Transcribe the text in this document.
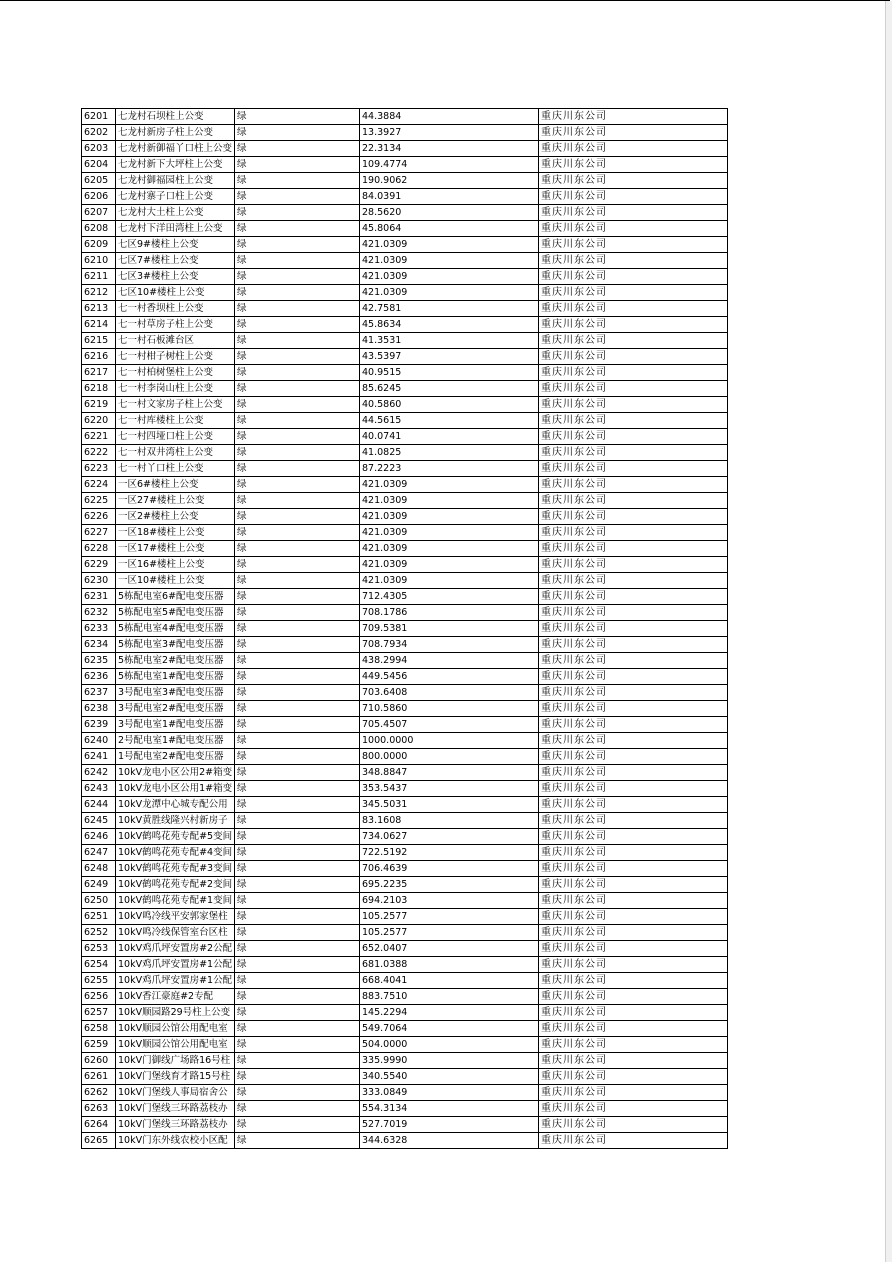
6201	七龙村石坝柱上公变	绿	44.3884	重庆川东公司
6202	七龙村新房子柱上公变	绿	13.3927	重庆川东公司
6203	七龙村新御福丫口柱上公变	绿	22.3134	重庆川东公司
6204	七龙村新下大坪柱上公变	绿	109.4774	重庆川东公司
6205	七龙村御福园柱上公变	绿	190.9062	重庆川东公司
6206	七龙村寨子口柱上公变	绿	84.0391	重庆川东公司
6207	七龙村大土柱上公变	绿	28.5620	重庆川东公司
6208	七龙村下洋田湾柱上公变	绿	45.8064	重庆川东公司
6209	七区9#楼柱上公变	绿	421.0309	重庆川东公司
6210	七区7#楼柱上公变	绿	421.0309	重庆川东公司
6211	七区3#楼柱上公变	绿	421.0309	重庆川东公司
6212	七区10#楼柱上公变	绿	421.0309	重庆川东公司
6213	七一村香坝柱上公变	绿	42.7581	重庆川东公司
6214	七一村草房子柱上公变	绿	45.8634	重庆川东公司
6215	七一村石板滩台区	绿	41.3531	重庆川东公司
6216	七一村柑子树柱上公变	绿	43.5397	重庆川东公司
6217	七一村柏树堡柱上公变	绿	40.9515	重庆川东公司
6218	七一村李岗山柱上公变	绿	85.6245	重庆川东公司
6219	七一村文家房子柱上公变	绿	40.5860	重庆川东公司
6220	七一村库楼柱上公变	绿	44.5615	重庆川东公司
6221	七一村四垭口柱上公变	绿	40.0741	重庆川东公司
6222	七一村双井湾柱上公变	绿	41.0825	重庆川东公司
6223	七一村丫口柱上公变	绿	87.2223	重庆川东公司
6224	一区6#楼柱上公变	绿	421.0309	重庆川东公司
6225	一区27#楼柱上公变	绿	421.0309	重庆川东公司
6226	一区2#楼柱上公变	绿	421.0309	重庆川东公司
6227	一区18#楼柱上公变	绿	421.0309	重庆川东公司
6228	一区17#楼柱上公变	绿	421.0309	重庆川东公司
6229	一区16#楼柱上公变	绿	421.0309	重庆川东公司
6230	一区10#楼柱上公变	绿	421.0309	重庆川东公司
6231	5栋配电室6#配电变压器	绿	712.4305	重庆川东公司
6232	5栋配电室5#配电变压器	绿	708.1786	重庆川东公司
6233	5栋配电室4#配电变压器	绿	709.5381	重庆川东公司
6234	5栋配电室3#配电变压器	绿	708.7934	重庆川东公司
6235	5栋配电室2#配电变压器	绿	438.2994	重庆川东公司
6236	5栋配电室1#配电变压器	绿	449.5456	重庆川东公司
6237	3号配电室3#配电变压器	绿	703.6408	重庆川东公司
6238	3号配电室2#配电变压器	绿	710.5860	重庆川东公司
6239	3号配电室1#配电变压器	绿	705.4507	重庆川东公司
6240	2号配电室1#配电变压器	绿	1000.0000	重庆川东公司
6241	1号配电室2#配电变压器	绿	800.0000	重庆川东公司
6242	10kV龙电小区公用2#箱变	绿	348.8847	重庆川东公司
6243	10kV龙电小区公用1#箱变	绿	353.5437	重庆川东公司
6244	10kV龙潭中心城专配公用	绿	345.5031	重庆川东公司
6245	10kV黄胜线隆兴村新房子	绿	83.1608	重庆川东公司
6246	10kV鹤鸣花苑专配#5变间	绿	734.0627	重庆川东公司
6247	10kV鹤鸣花苑专配#4变间	绿	722.5192	重庆川东公司
6248	10kV鹤鸣花苑专配#3变间	绿	706.4639	重庆川东公司
6249	10kV鹤鸣花苑专配#2变间	绿	695.2235	重庆川东公司
6250	10kV鹤鸣花苑专配#1变间	绿	694.2103	重庆川东公司
6251	10kV鸣冷线平安郭家堡柱	绿	105.2577	重庆川东公司
6252	10kV鸣冷线保管室台区柱	绿	105.2577	重庆川东公司
6253	10kV鸡爪坪安置房#2公配	绿	652.0407	重庆川东公司
6254	10kV鸡爪坪安置房#1公配	绿	681.0388	重庆川东公司
6255	10kV鸡爪坪安置房#1公配	绿	668.4041	重庆川东公司
6256	10kV香江豪庭#2专配	绿	883.7510	重庆川东公司
6257	10kV顺园路29号柱上公变	绿	145.2294	重庆川东公司
6258	10kV顺园公馆公用配电室	绿	549.7064	重庆川东公司
6259	10kV顺园公馆公用配电室	绿	504.0000	重庆川东公司
6260	10kV门御线广场路16号柱	绿	335.9990	重庆川东公司
6261	10kV门堡线育才路15号柱	绿	340.5540	重庆川东公司
6262	10kV门堡线人事局宿舍公	绿	333.0849	重庆川东公司
6263	10kV门堡线三环路荔枝办	绿	554.3134	重庆川东公司
6264	10kV门堡线三环路荔枝办	绿	527.7019	重庆川东公司
6265	10kV门东外线农校小区配	绿	344.6328	重庆川东公司
